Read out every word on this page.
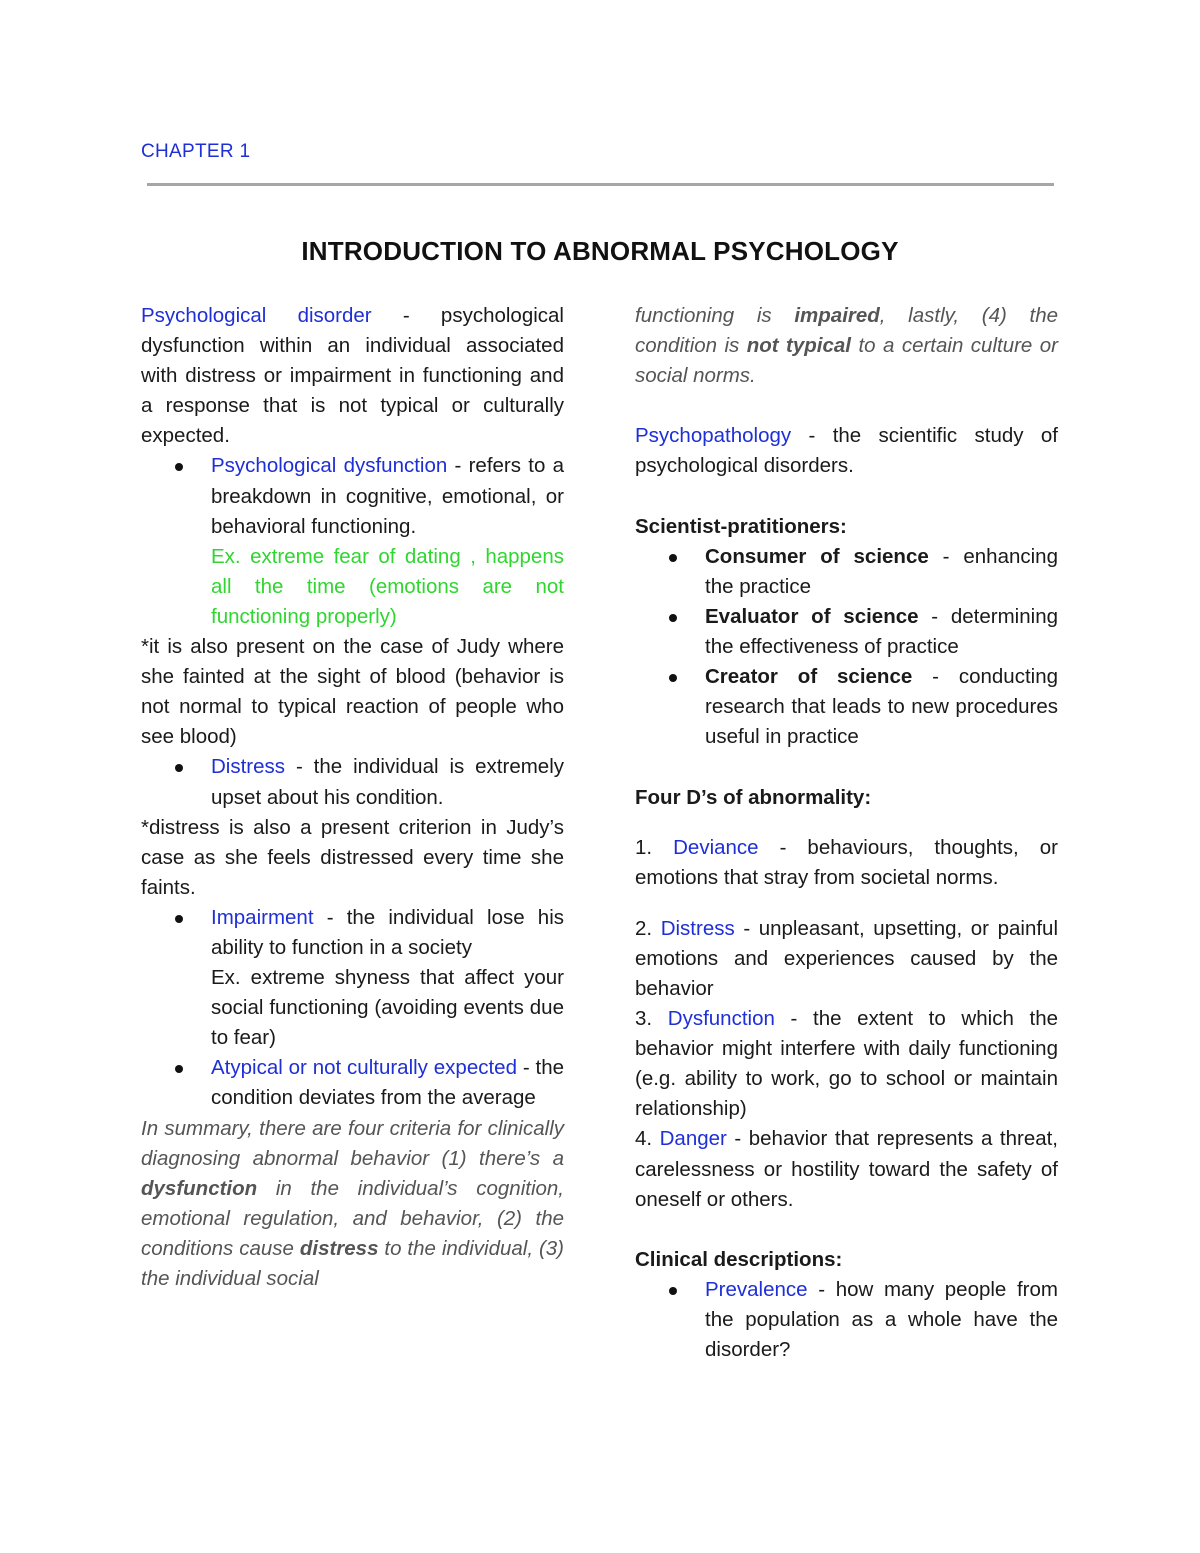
CHAPTER 1
INTRODUCTION TO ABNORMAL PSYCHOLOGY

Psychological disorder - psychological dysfunction within an individual associated with distress or impairment in functioning and a response that is not typical or culturally expected.

Psychological dysfunction - refers to a breakdown in cognitive, emotional, or behavioral functioning.
Ex. extreme fear of dating , happens all the time (emotions are not functioning properly)

*it is also present on the case of Judy where she fainted at the sight of blood (behavior is not normal to typical reaction of people who see blood)

Distress - the individual is extremely upset about his condition.

*distress is also a present criterion in Judy’s case as she feels distressed every time she faints.

Impairment - the individual lose his ability to function in a society
Ex. extreme shyness that affect your social functioning (avoiding events due to fear)
Atypical or not culturally expected - the condition deviates from the average

In summary, there are four criteria for clinically diagnosing abnormal behavior (1) there’s a dysfunction in the individual’s cognition, emotional regulation, and behavior, (2) the conditions cause distress to the individual, (3) the individual social

functioning is impaired, lastly, (4) the condition is not typical to a certain culture or social norms.

Psychopathology - the scientific study of psychological disorders.

Scientist-pratitioners:
Consumer of science - enhancing the practice
Evaluator of science - determining the effectiveness of practice
Creator of science - conducting research that leads to new procedures useful in practice
Four D’s of abnormality:

1. Deviance - behaviours, thoughts, or emotions that stray from societal norms.

2. Distress - unpleasant, upsetting, or painful emotions and experiences caused by the behavior

3. Dysfunction - the extent to which the behavior might interfere with daily functioning (e.g. ability to work, go to school or maintain relationship)

4. Danger - behavior that represents a threat, carelessness or hostility toward the safety of oneself or others.

Clinical descriptions:
Prevalence - how many people from the population as a whole have the disorder?
